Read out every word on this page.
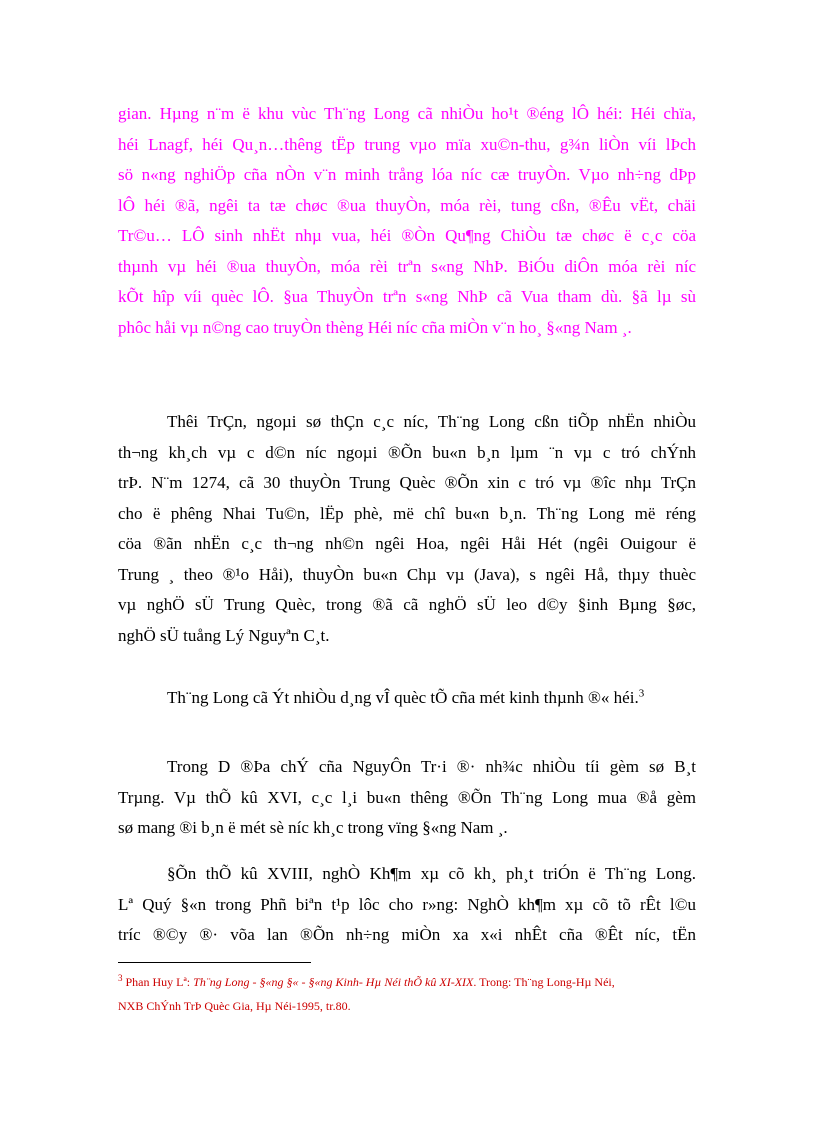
gian. Hµng n¨m ë khu vùc Th¨ng Long cã nhiÒu ho¹t ®éng lÔ héi: Héi chïa,
héi Lnagf, héi Qu¸n…thêng tËp trung vµo mïa xu©n-thu, g¾n liÒn víi lÞch
sö n«ng nghiÖp cña nÒn v¨n minh trång lóa níc cæ truyÒn. Vµo nh÷ng dÞp
lÔ héi ®ã, ngêi ta tæ chøc ®ua thuyÒn, móa rèi, tung cßn, ®Êu vËt, chäi
Tr©u… LÔ sinh nhËt nhµ vua, héi ®Òn Qu¶ng ChiÒu tæ chøc ë c¸c cöa
thµnh vµ héi ®ua thuyÒn, móa rèi trªn s«ng NhÞ. BiÓu diÔn móa rèi níc
kÕt hîp víi quèc lÔ. §ua ThuyÒn trªn s«ng NhÞ cã Vua tham dù. §ã lµ sù
phôc håi vµ n©ng cao truyÒn thèng Héi níc cña miÒn v¨n ho¸ §«ng Nam ¸.
Thêi TrÇn, ngoµi sø thÇn c¸c níc, Th¨ng Long cßn tiÕp nhËn nhiÒu
th¬ng kh¸ch vµ c d©n níc ngoµi ®Õn bu«n b¸n lµm ¨n vµ c tró chÝnh
trÞ. N¨m 1274, cã 30 thuyÒn Trung Quèc ®Õn xin c tró vµ ®îc nhµ TrÇn
cho ë phêng Nhai Tu©n, lËp phè, më chî bu«n b¸n. Th¨ng Long më réng
cöa ®ãn nhËn c¸c th¬ng nh©n ngêi Hoa, ngêi Håi Hét (ngêi Ouigour ë
Trung ¸ theo ®¹o Håi), thuyÒn bu«n Chµ vµ (Java), s ngêi Hå, thµy thuèc
vµ nghÖ sÜ Trung Quèc, trong ®ã cã nghÖ sÜ leo d©y §inh Bµng §øc,
nghÖ sÜ tuång Lý Nguyªn C¸t.
Th¨ng Long cã Ýt nhiÒu d¸ng vÎ quèc tÕ cña mét kinh thµnh ®« héi.$^3$
Trong D ®Þa chÝ cña NguyÔn Tr·i ®· nh¾c nhiÒu tíi gèm sø B¸t
Trµng. Vµ thÕ kû XVI, c¸c l¸i bu«n thêng ®Õn Th¨ng Long mua ®å gèm
sø mang ®i b¸n ë mét sè níc kh¸c trong vïng §«ng Nam ¸.
§Õn thÕ kû XVIII, nghÒ Kh¶m xµ cõ kh¸ ph¸t triÓn ë Th¨ng Long.
Lª Quý §«n trong Phñ biªn t¹p lôc cho r»ng: NghÒ kh¶m xµ cõ tõ rÊt l©u
tríc ®©y ®· võa lan ®Õn nh÷ng miÒn xa x«i nhÊt cña ®Êt níc, tËn
$^3$ Phan Huy Lª: Th¨ng Long - §«ng §« - §«ng Kinh- Hµ Néi thÕ kû XI-XIX. Trong: Th¨ng Long-Hµ Néi,
NXB ChÝnh TrÞ Quèc Gia, Hµ Néi-1995, tr.80.
